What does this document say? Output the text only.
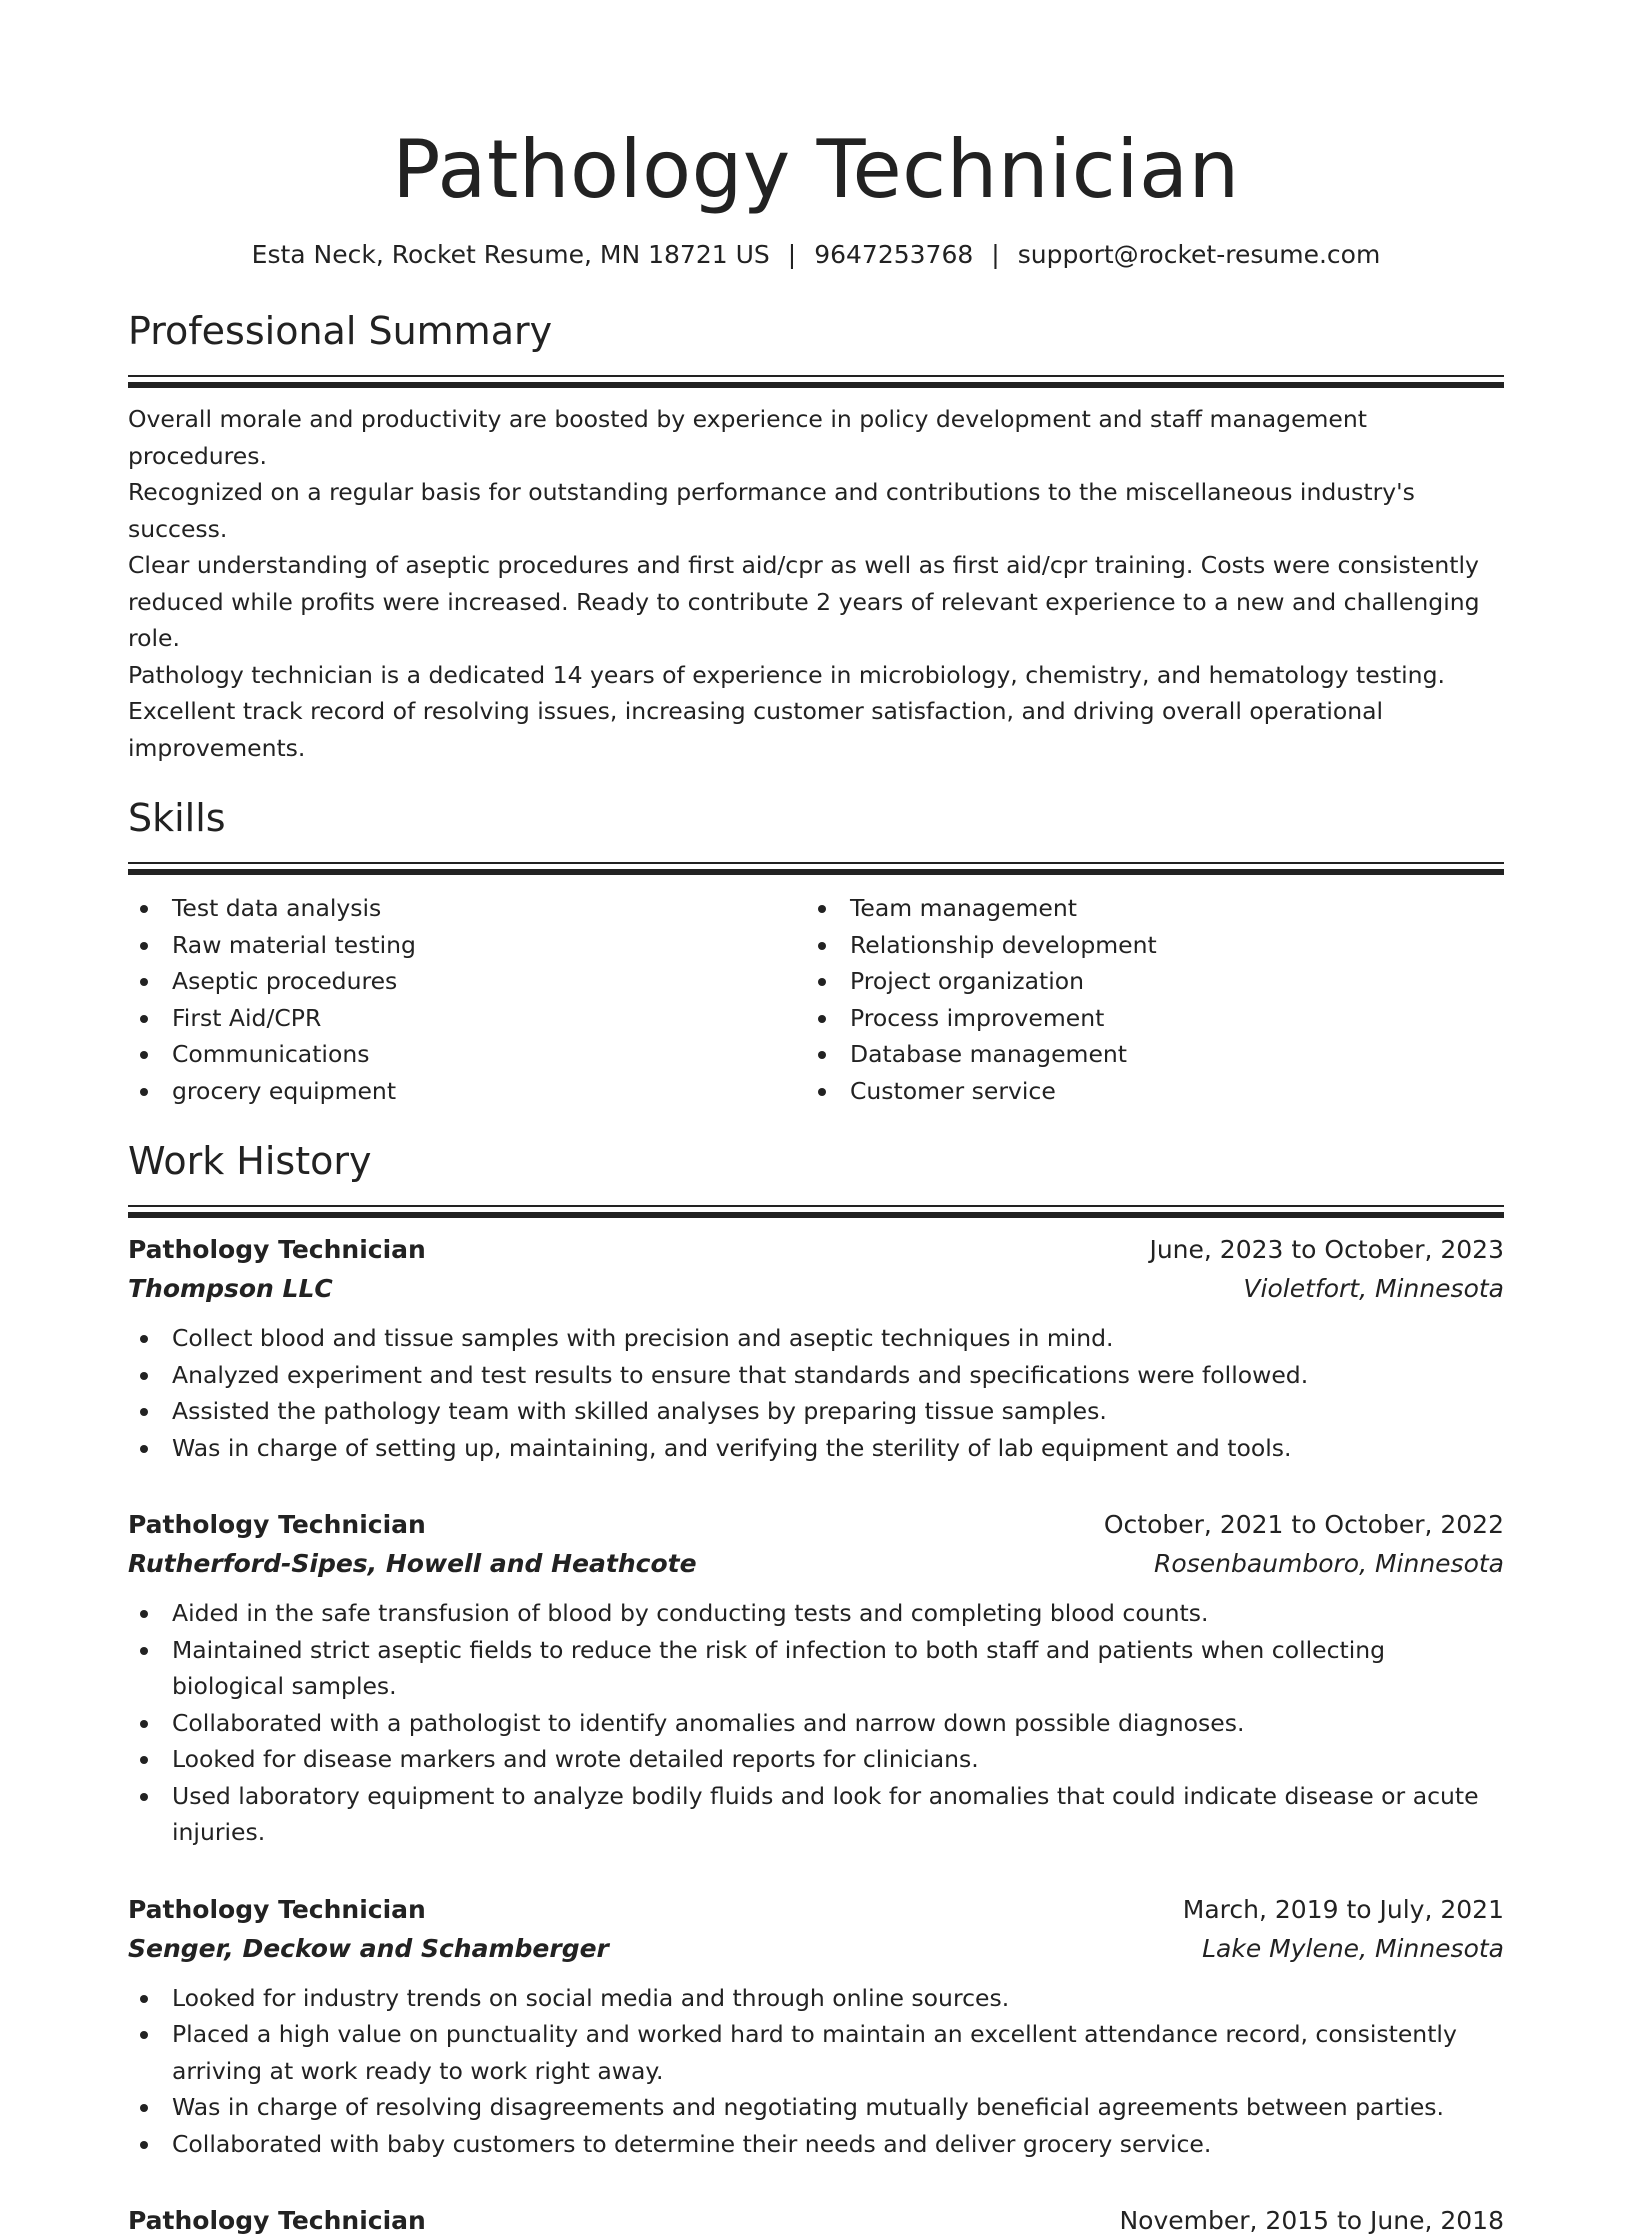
Pathology Technician
Esta Neck, Rocket Resume, MN 18721 US | 9647253768 | support@rocket-resume.com
Professional Summary
Overall morale and productivity are boosted by experience in policy development and staff management procedures.
Recognized on a regular basis for outstanding performance and contributions to the miscellaneous industry's success.
Clear understanding of aseptic procedures and first aid/cpr as well as first aid/cpr training. Costs were consistently
reduced while profits were increased. Ready to contribute 2 years of relevant experience to a new and challenging role.
Pathology technician is a dedicated 14 years of experience in microbiology, chemistry, and hematology testing.
Excellent track record of resolving issues, increasing customer satisfaction, and driving overall operational
improvements.
Skills
Test data analysis
Raw material testing
Aseptic procedures
First Aid/CPR
Communications
grocery equipment
Team management
Relationship development
Project organization
Process improvement
Database management
Customer service
Work History
Pathology Technician	June, 2023 to October, 2023
Thompson LLC	Violetfort, Minnesota
Collect blood and tissue samples with precision and aseptic techniques in mind.
Analyzed experiment and test results to ensure that standards and specifications were followed.
Assisted the pathology team with skilled analyses by preparing tissue samples.
Was in charge of setting up, maintaining, and verifying the sterility of lab equipment and tools.
Pathology Technician	October, 2021 to October, 2022
Rutherford-Sipes, Howell and Heathcote	Rosenbaumboro, Minnesota
Aided in the safe transfusion of blood by conducting tests and completing blood counts.
Maintained strict aseptic fields to reduce the risk of infection to both staff and patients when collecting biological samples.
Collaborated with a pathologist to identify anomalies and narrow down possible diagnoses.
Looked for disease markers and wrote detailed reports for clinicians.
Used laboratory equipment to analyze bodily fluids and look for anomalies that could indicate disease or acute injuries.
Pathology Technician	March, 2019 to July, 2021
Senger, Deckow and Schamberger	Lake Mylene, Minnesota
Looked for industry trends on social media and through online sources.
Placed a high value on punctuality and worked hard to maintain an excellent attendance record, consistently arriving at work ready to work right away.
Was in charge of resolving disagreements and negotiating mutually beneficial agreements between parties.
Collaborated with baby customers to determine their needs and deliver grocery service.
Pathology Technician	November, 2015 to June, 2018
